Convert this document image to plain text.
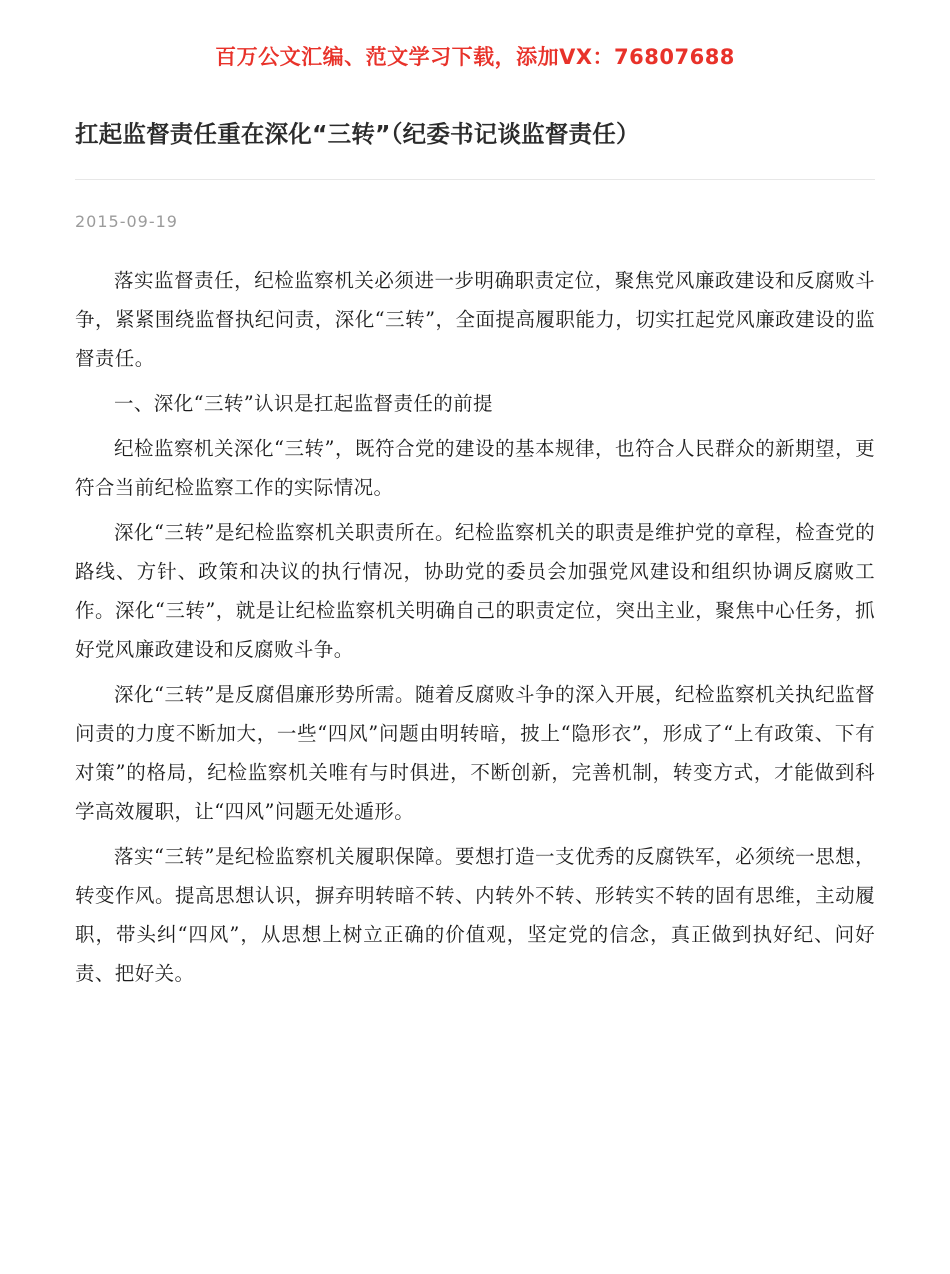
百万公文汇编、范文学习下载，添加VX：76807688
扛起监督责任重在深化“三转”（纪委书记谈监督责任）
2015-09-19

落实监督责任，纪检监察机关必须进一步明确职责定位，聚焦党风廉政建设和反腐败斗争，紧紧围绕监督执纪问责，深化“三转”，全面提高履职能力，切实扛起党风廉政建设的监督责任。

一、深化“三转”认识是扛起监督责任的前提

纪检监察机关深化“三转”，既符合党的建设的基本规律，也符合人民群众的新期望，更符合当前纪检监察工作的实际情况。

深化“三转”是纪检监察机关职责所在。纪检监察机关的职责是维护党的章程，检查党的路线、方针、政策和决议的执行情况，协助党的委员会加强党风建设和组织协调反腐败工作。深化“三转”，就是让纪检监察机关明确自己的职责定位，突出主业，聚焦中心任务，抓好党风廉政建设和反腐败斗争。

深化“三转”是反腐倡廉形势所需。随着反腐败斗争的深入开展，纪检监察机关执纪监督问责的力度不断加大，一些“四风”问题由明转暗，披上“隐形衣”，形成了“上有政策、下有对策”的格局，纪检监察机关唯有与时俱进，不断创新，完善机制，转变方式，才能做到科学高效履职，让“四风”问题无处遁形。

落实“三转”是纪检监察机关履职保障。要想打造一支优秀的反腐铁军，必须统一思想，转变作风。提高思想认识，摒弃明转暗不转、内转外不转、形转实不转的固有思维，主动履职，带头纠“四风”，从思想上树立正确的价值观，坚定党的信念，真正做到执好纪、问好责、把好关。
